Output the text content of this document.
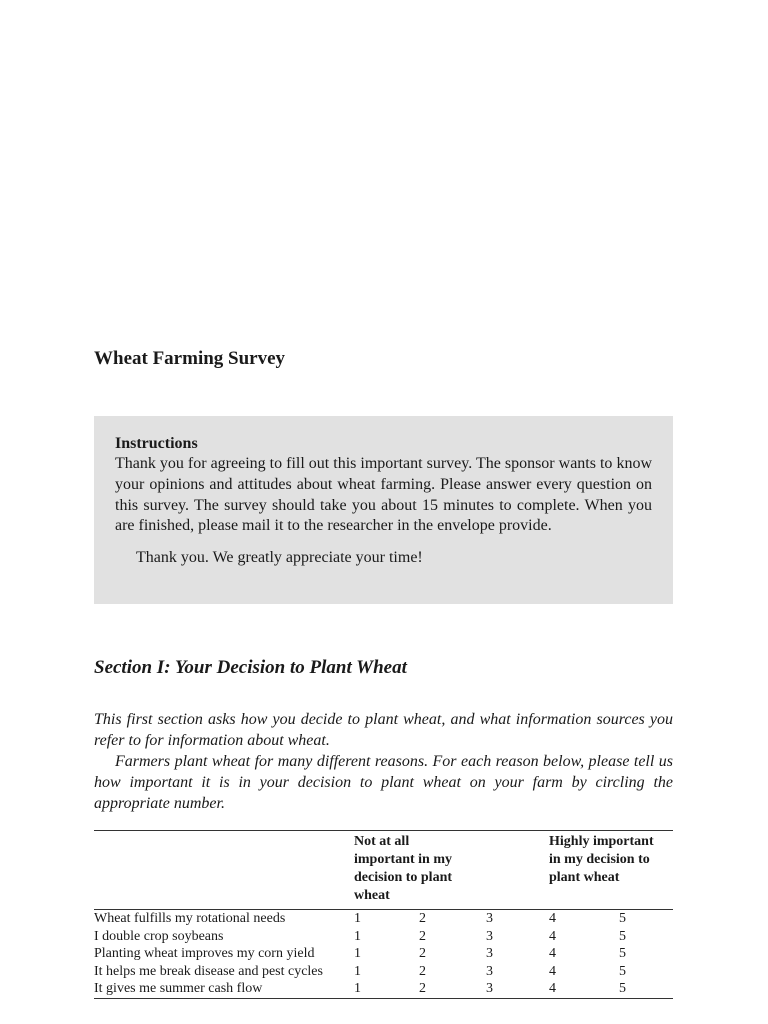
Wheat Farming Survey
Instructions

Thank you for agreeing to fill out this important survey. The sponsor wants to know your opinions and attitudes about wheat farming. Please answer every question on this survey. The survey should take you about 15 minutes to complete. When you are finished, please mail it to the researcher in the envelope provide.

Thank you. We greatly appreciate your time!

Section I: Your Decision to Plant Wheat

This first section asks how you decide to plant wheat, and what information sources you refer to for information about wheat.

Farmers plant wheat for many different reasons. For each reason below, please tell us how important it is in your decision to plant wheat on your farm by circling the appropriate number.

	Not at all important in my decision to plant wheat			Highly important in my decision to plant wheat	

Wheat fulfills my rotational needs	1	2	3	4	5
I double crop soybeans	1	2	3	4	5
Planting wheat improves my corn yield	1	2	3	4	5
It helps me break disease and pest cycles	1	2	3	4	5
It gives me summer cash flow	1	2	3	4	5
